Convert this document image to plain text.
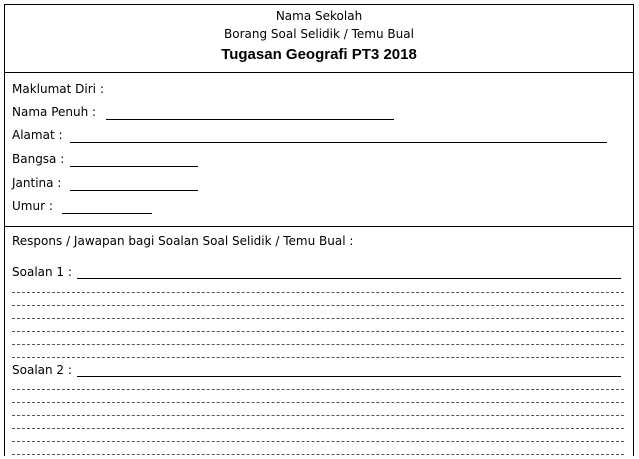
Nama Sekolah
Borang Soal Selidik / Temu Bual
Tugasan Geografi PT3 2018
Maklumat Diri :
Nama Penuh :
Alamat :
Bangsa :
Jantina :
Umur :
Respons / Jawapan bagi Soalan Soal Selidik / Temu Bual :
Soalan 1 :
Soalan 2 :
